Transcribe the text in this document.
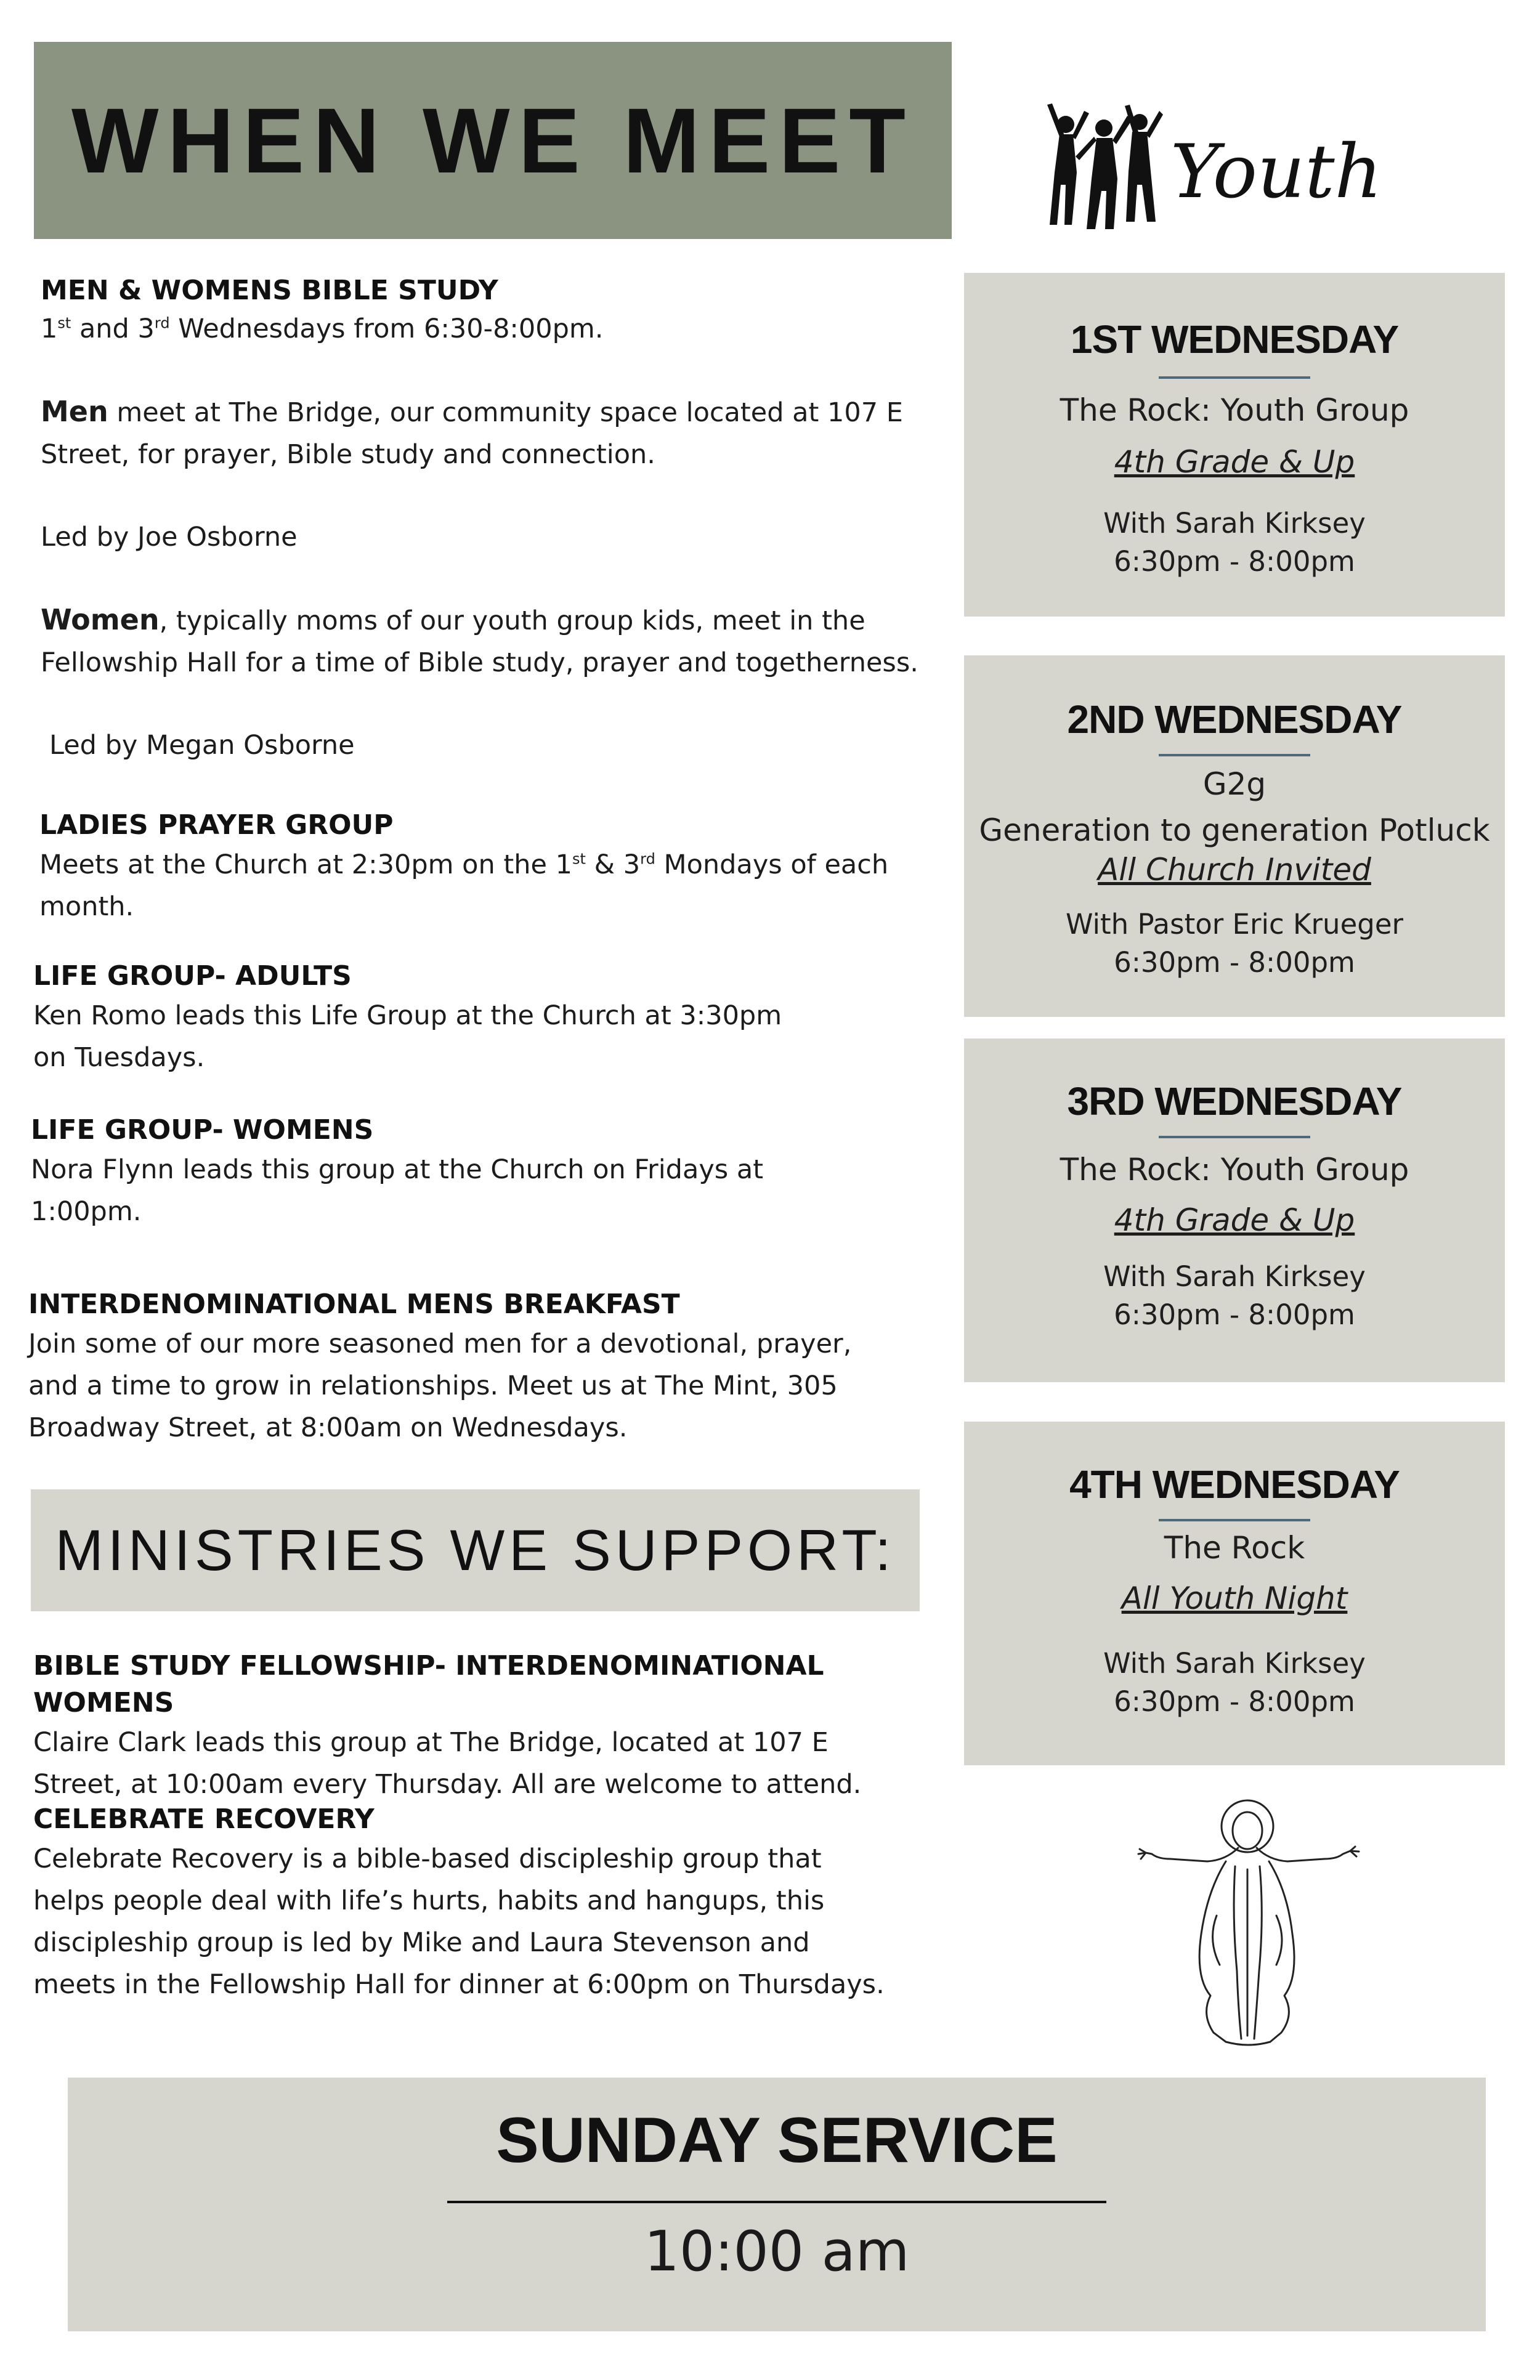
WHEN WE MEET	Youth

MEN & WOMENS BIBLE STUDY

1st and 3rd Wednesdays from 6:30-8:00pm.

Men meet at The Bridge, our community space located at 107 E Street, for prayer, Bible study and connection.

Led by Joe Osborne

Women, typically moms of our youth group kids, meet in the Fellowship Hall for a time of Bible study, prayer and togetherness.

Led by Megan Osborne

LADIES PRAYER GROUP

Meets at the Church at 2:30pm on the 1st & 3rd Mondays of each month.

LIFE GROUP- ADULTS

Ken Romo leads this Life Group at the Church at 3:30pm on Tuesdays.

LIFE GROUP- WOMENS

Nora Flynn leads this group at the Church on Fridays at 1:00pm.

INTERDENOMINATIONAL MENS BREAKFAST

Join some of our more seasoned men for a devotional, prayer, and a time to grow in relationships. Meet us at The Mint, 305 Broadway Street, at 8:00am on Wednesdays.

MINISTRIES WE SUPPORT:

BIBLE STUDY FELLOWSHIP- INTERDENOMINATIONAL WOMENS

Claire Clark leads this group at The Bridge, located at 107 E Street, at 10:00am every Thursday. All are welcome to attend.

CELEBRATE RECOVERY

Celebrate Recovery is a bible-based discipleship group that helps people deal with life’s hurts, habits and hangups, this discipleship group is led by Mike and Laura Stevenson and meets in the Fellowship Hall for dinner at 6:00pm on Thursdays.

1ST WEDNESDAY

The Rock: Youth Group

4th Grade & Up

With Sarah Kirksey

6:30pm - 8:00pm

2ND WEDNESDAY

G2g

Generation to generation Potluck

All Church Invited

With Pastor Eric Krueger

6:30pm - 8:00pm

3RD WEDNESDAY

The Rock: Youth Group

4th Grade & Up

With Sarah Kirksey

6:30pm - 8:00pm

4TH WEDNESDAY

The Rock

All Youth Night

With Sarah Kirksey

6:30pm - 8:00pm

SUNDAY SERVICE

10:00 am
